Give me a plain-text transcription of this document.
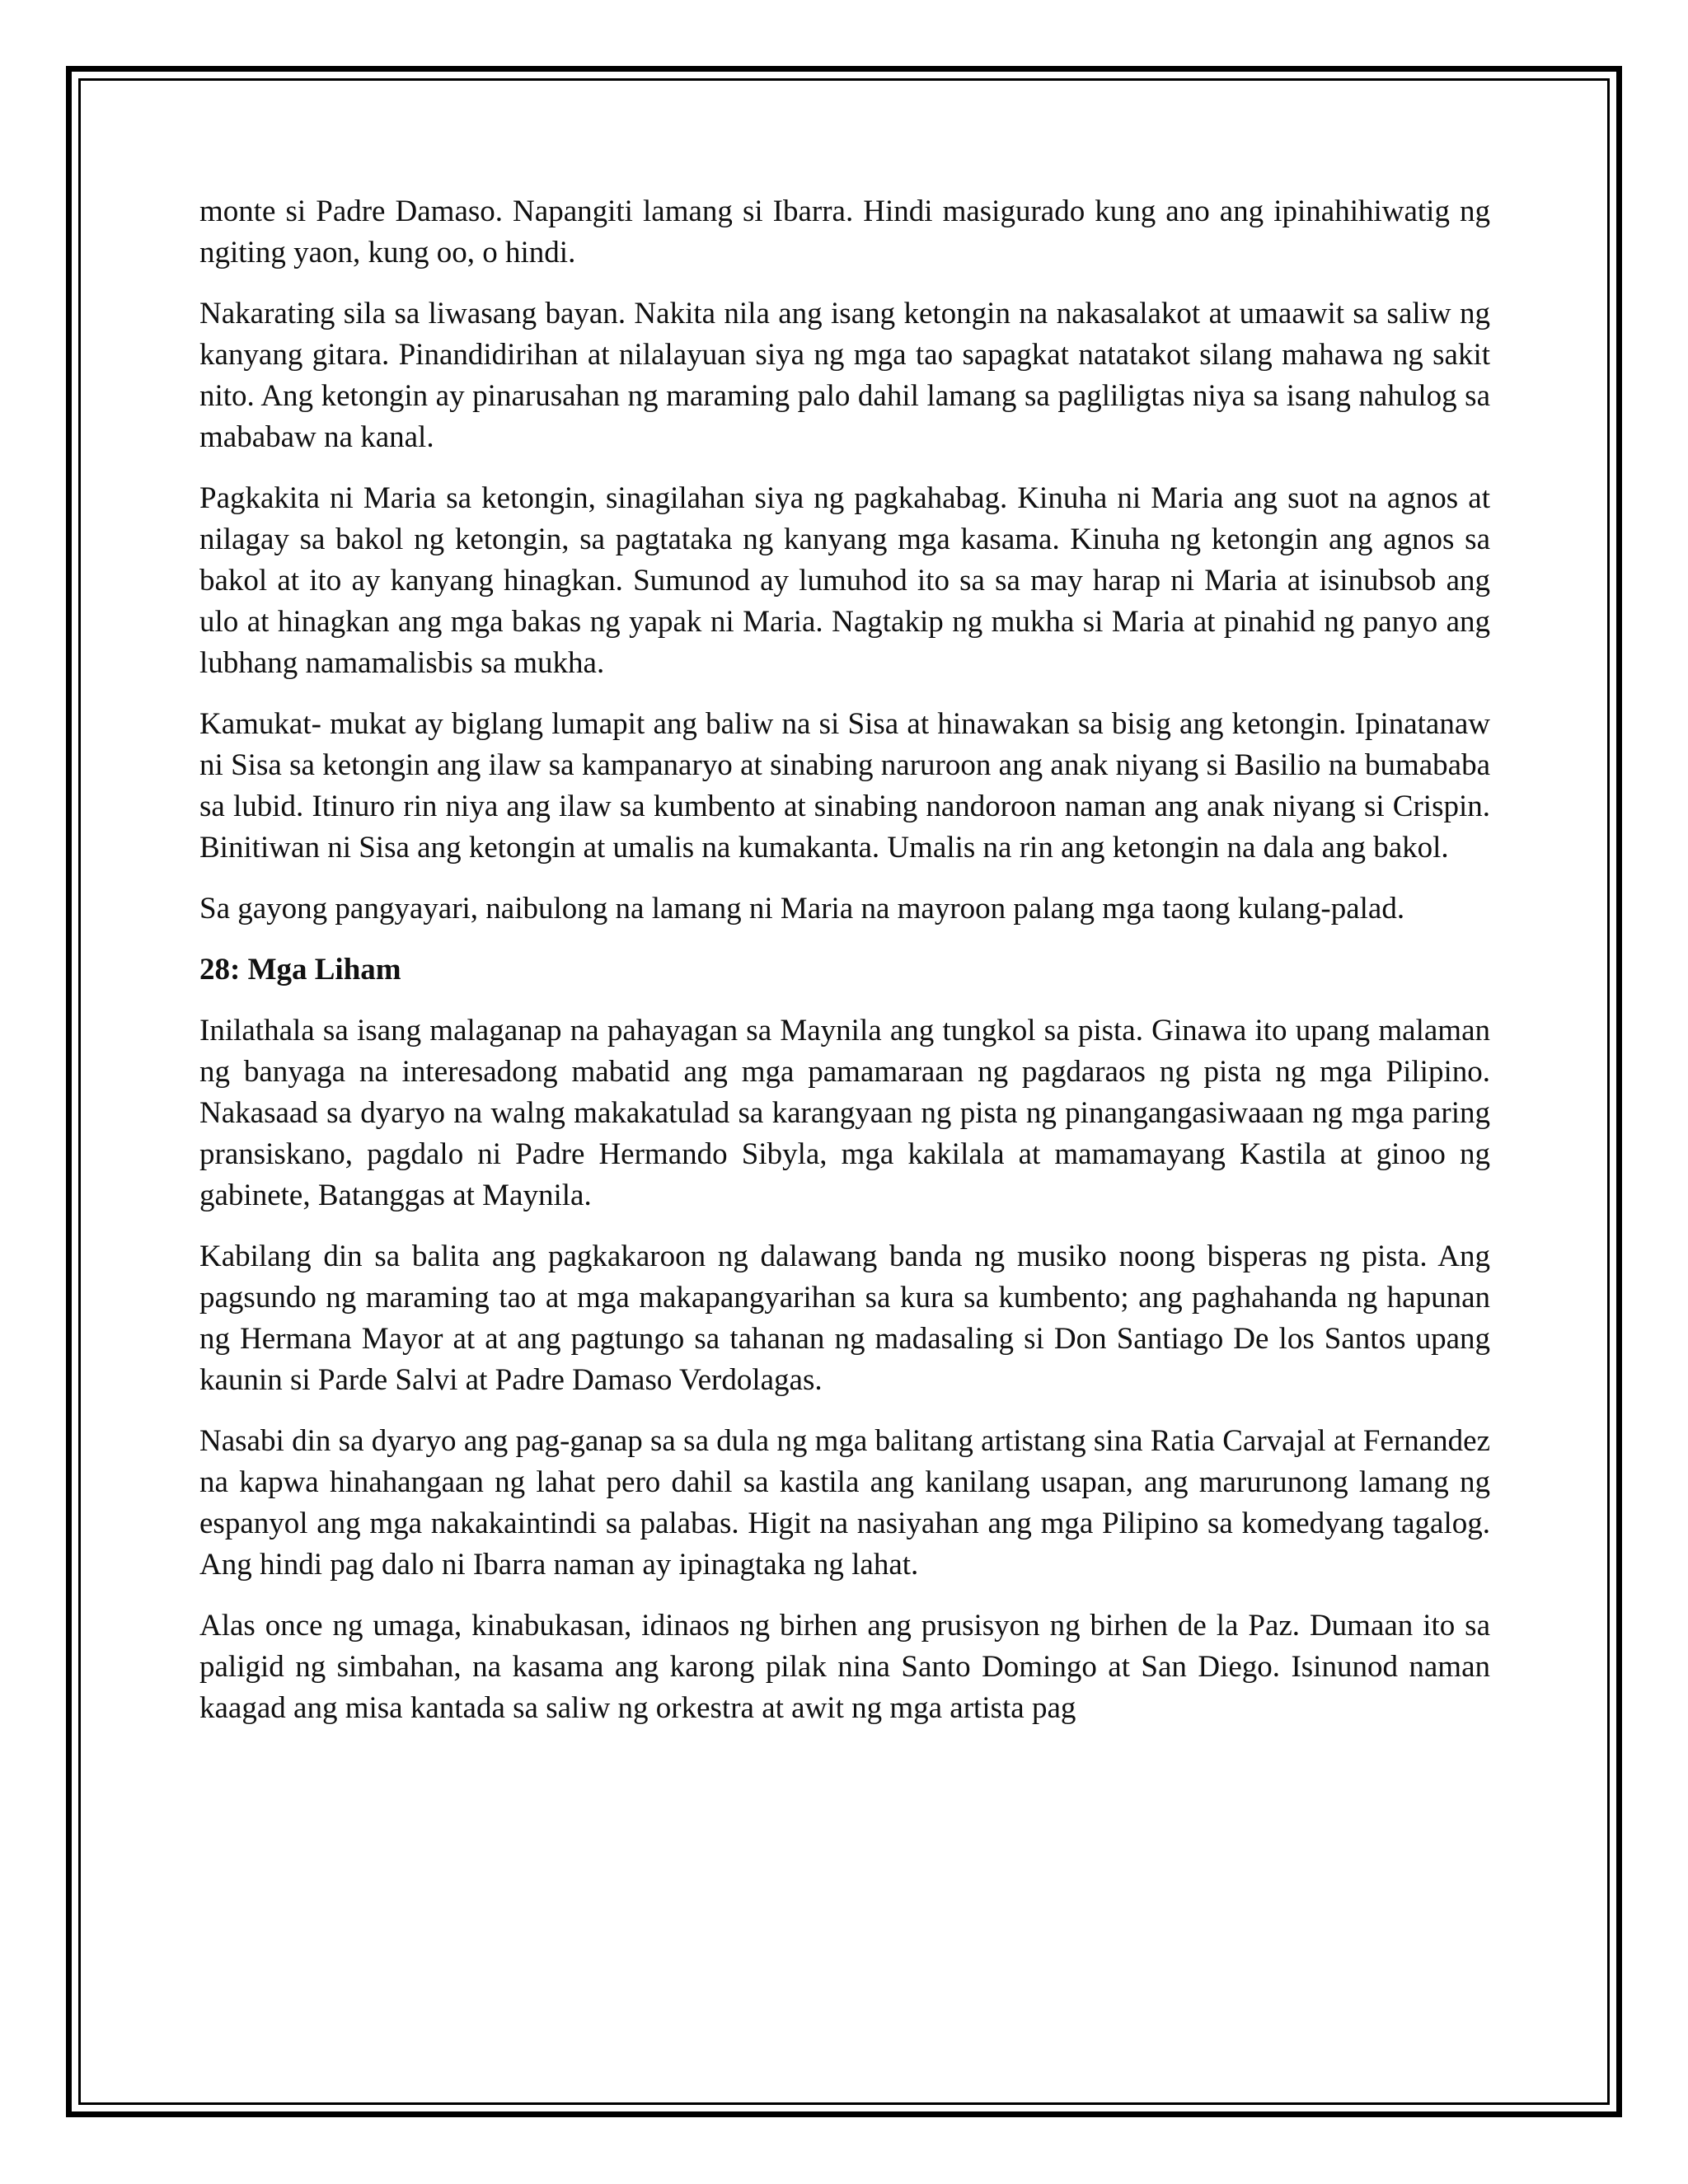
monte si Padre Damaso. Napangiti lamang si Ibarra. Hindi masigurado kung ano ang ipinahihiwatig ng ngiting yaon, kung oo, o hindi.

Nakarating sila sa liwasang bayan. Nakita nila ang isang ketongin na nakasalakot at umaawit sa saliw ng kanyang gitara. Pinandidirihan at nilalayuan siya ng mga tao sapagkat natatakot silang mahawa ng sakit nito. Ang ketongin ay pinarusahan ng maraming palo dahil lamang sa pagliligtas niya sa isang nahulog sa mababaw na kanal.

Pagkakita ni Maria sa ketongin, sinagilahan siya ng pagkahabag. Kinuha ni Maria ang suot na agnos at nilagay sa bakol ng ketongin, sa pagtataka ng kanyang mga kasama. Kinuha ng ketongin ang agnos sa bakol at ito ay kanyang hinagkan. Sumunod ay lumuhod ito sa sa may harap ni Maria at isinubsob ang ulo at hinagkan ang mga bakas ng yapak ni Maria. Nagtakip ng mukha si Maria at pinahid ng panyo ang lubhang namamalisbis sa mukha.

Kamukat- mukat ay biglang lumapit ang baliw na si Sisa at hinawakan sa bisig ang ketongin. Ipinatanaw ni Sisa sa ketongin ang ilaw sa kampanaryo at sinabing naruroon ang anak niyang si Basilio na bumababa sa lubid. Itinuro rin niya ang ilaw sa kumbento at sinabing nandoroon naman ang anak niyang si Crispin. Binitiwan ni Sisa ang ketongin at umalis na kumakanta. Umalis na rin ang ketongin na dala ang bakol.

Sa gayong pangyayari, naibulong na lamang ni Maria na mayroon palang mga taong kulang-palad.

28: Mga Liham

Inilathala sa isang malaganap na pahayagan sa Maynila ang tungkol sa pista. Ginawa ito upang malaman ng banyaga na interesadong mabatid ang mga pamamaraan ng pagdaraos ng pista ng mga Pilipino. Nakasaad sa dyaryo na walng makakatulad sa karangyaan ng pista ng pinangangasiwaaan ng mga paring pransiskano, pagdalo ni Padre Hermando Sibyla, mga kakilala at mamamayang Kastila at ginoo ng gabinete, Batanggas at Maynila.

Kabilang din sa balita ang pagkakaroon ng dalawang banda ng musiko noong bisperas ng pista. Ang pagsundo ng maraming tao at mga makapangyarihan sa kura sa kumbento; ang paghahanda ng hapunan ng Hermana Mayor at at ang pagtungo sa tahanan ng madasaling si Don Santiago De los Santos upang kaunin si Parde Salvi at Padre Damaso Verdolagas.

Nasabi din sa dyaryo ang pag-ganap sa sa dula ng mga balitang artistang sina Ratia Carvajal at Fernandez na kapwa hinahangaan ng lahat pero dahil sa kastila ang kanilang usapan, ang marurunong lamang ng espanyol ang mga nakakaintindi sa palabas. Higit na nasiyahan ang mga Pilipino sa komedyang tagalog. Ang hindi pag dalo ni Ibarra naman ay ipinagtaka ng lahat.

Alas once ng umaga, kinabukasan, idinaos ng birhen ang prusisyon ng birhen de la Paz. Dumaan ito sa paligid ng simbahan, na kasama ang karong pilak nina Santo Domingo at San Diego. Isinunod naman kaagad ang misa kantada sa saliw ng orkestra at awit ng mga artista pag
